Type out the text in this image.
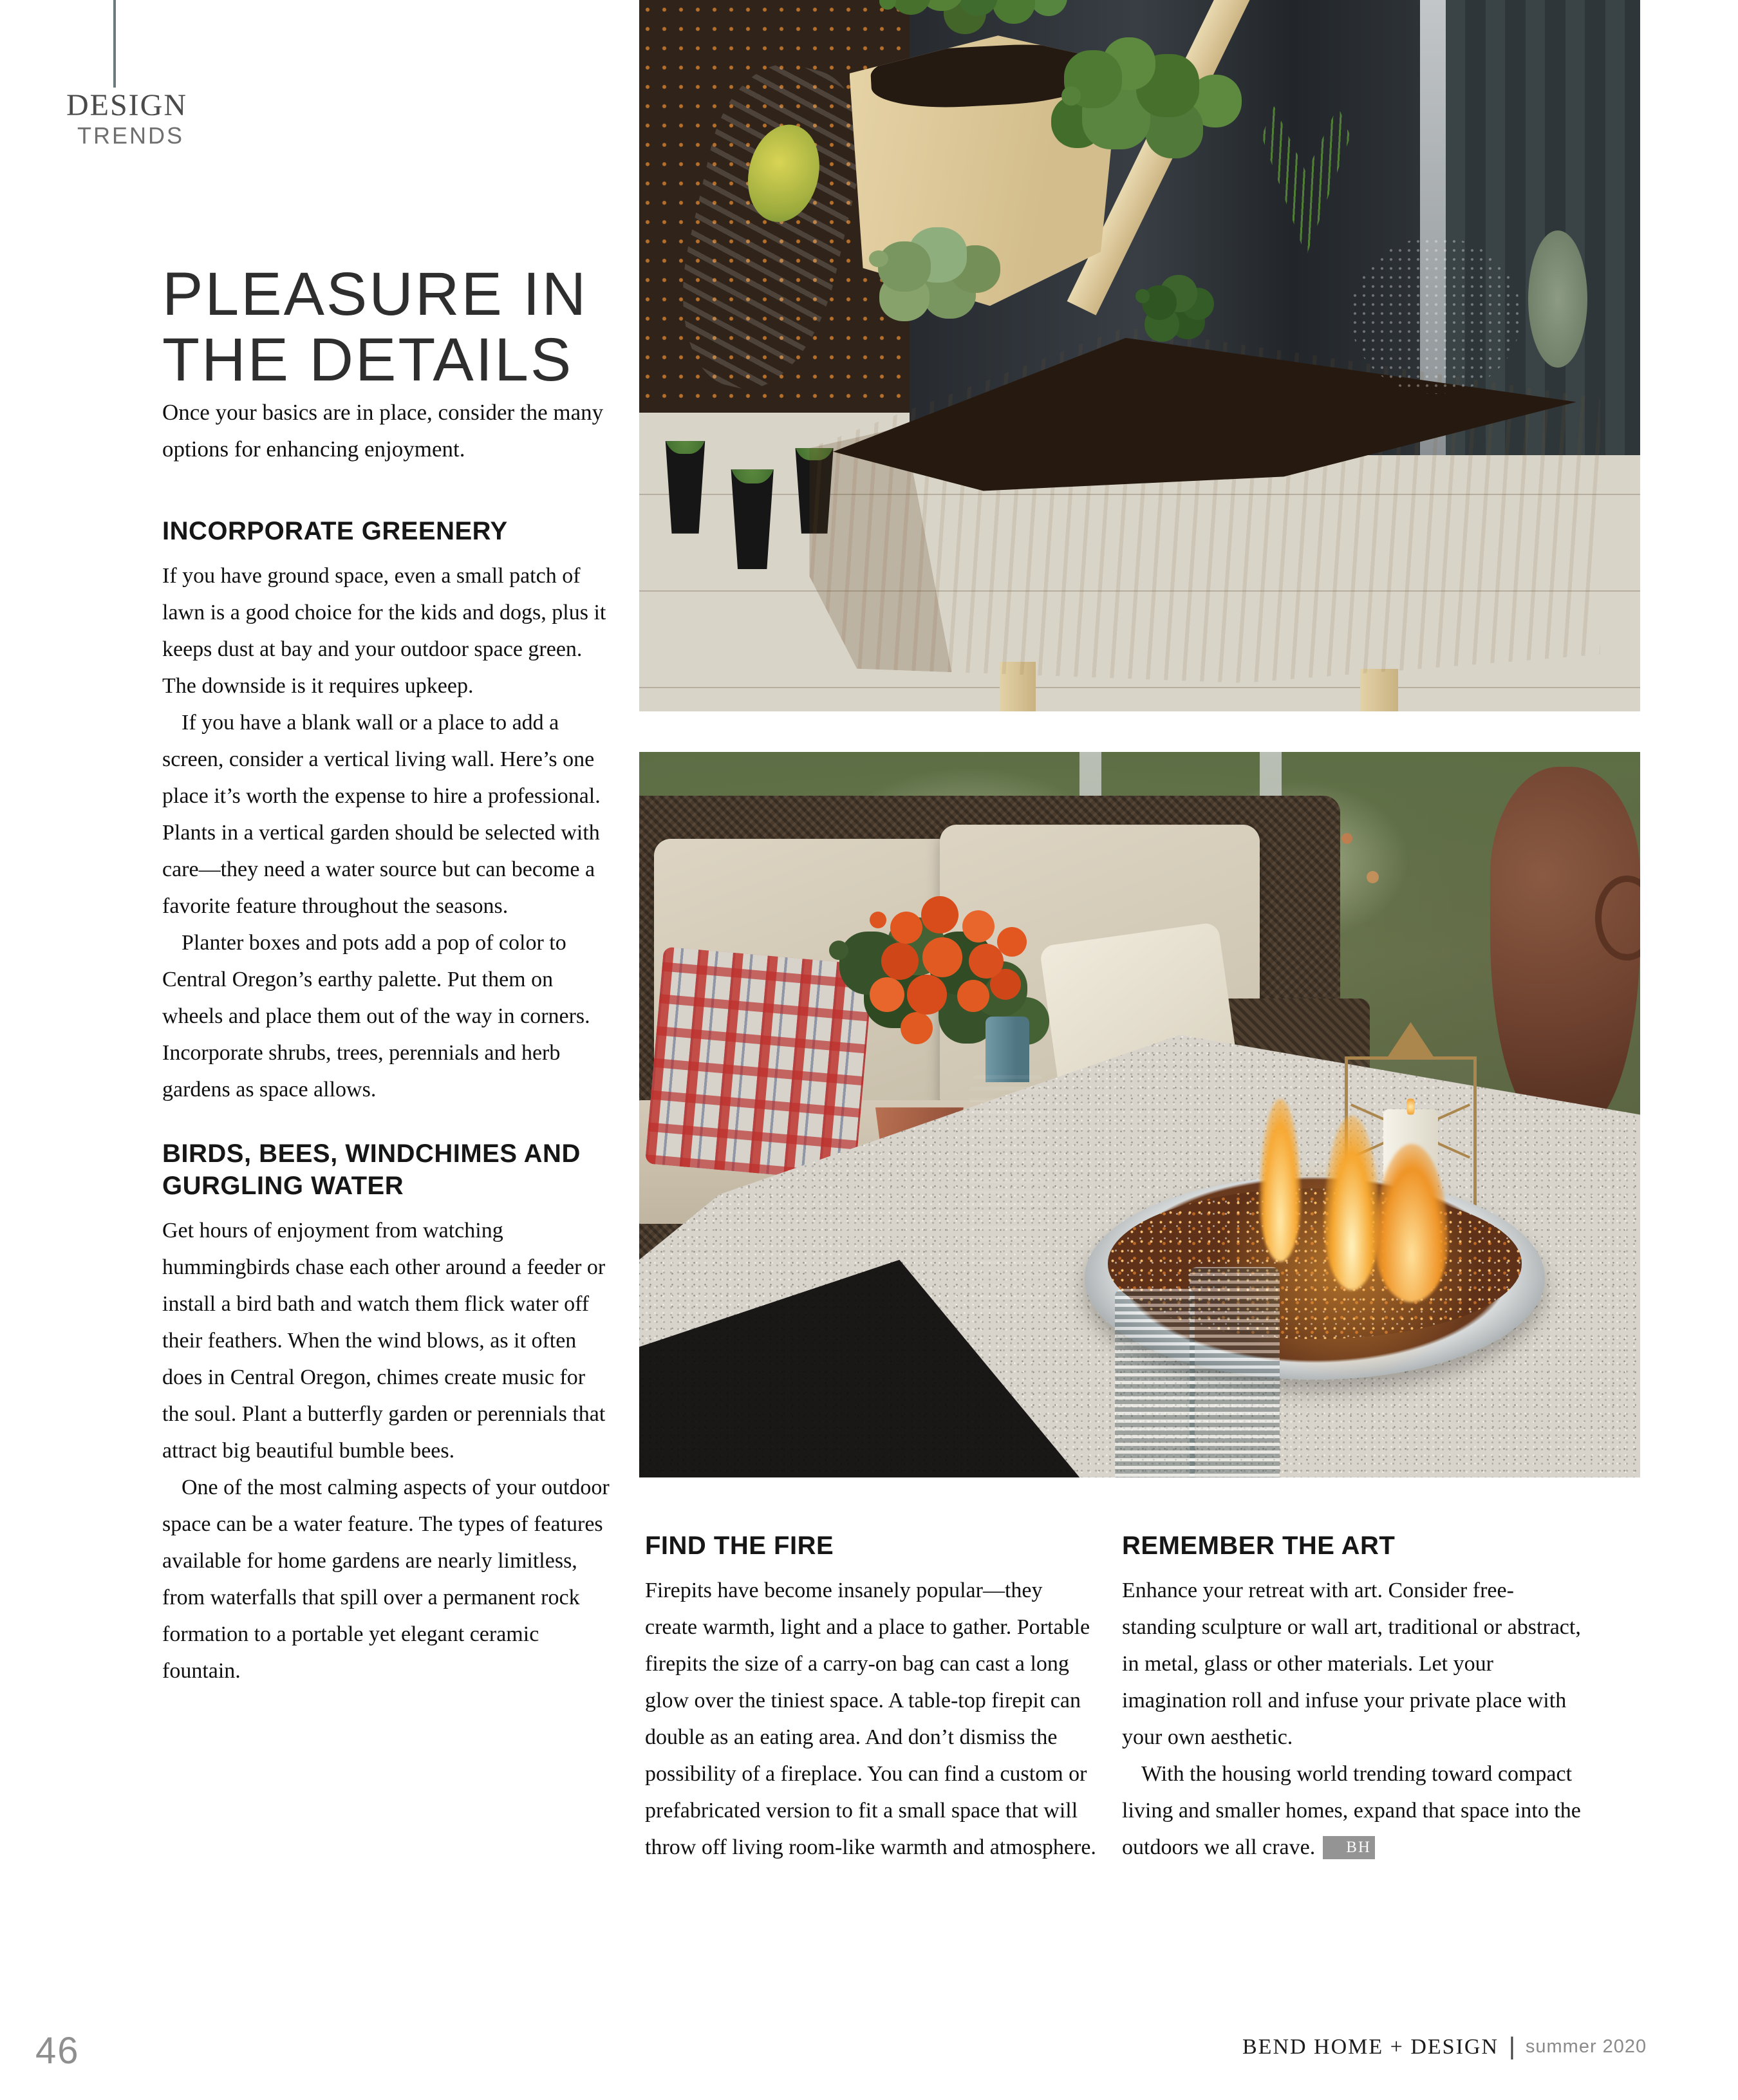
DESIGN
TRENDS
PLEASURE IN
THE DETAILS
Once your basics are in place, consider the many options for enhancing enjoyment.
INCORPORATE GREENERY

If you have ground space, even a small patch of lawn is a good choice for the kids and dogs, plus it keeps dust at bay and your outdoor space green. The downside is it requires upkeep.

If you have a blank wall or a place to add a screen, consider a vertical living wall. Here’s one place it’s worth the expense to hire a professional. Plants in a vertical garden should be selected with care—they need a water source but can become a favorite feature throughout the seasons.

Planter boxes and pots add a pop of color to Central Oregon’s earthy palette. Put them on wheels and place them out of the way in corners. Incorporate shrubs, trees, perennials and herb gardens as space allows.

BIRDS, BEES, WINDCHIMES AND GURGLING WATER

Get hours of enjoyment from watching hummingbirds chase each other around a feeder or install a bird bath and watch them flick water off their feathers. When the wind blows, as it often does in Central Oregon, chimes create music for the soul. Plant a butterfly garden or perennials that attract big beautiful bumble bees.

One of the most calming aspects of your outdoor space can be a water feature. The types of features available for home gardens are nearly limitless, from waterfalls that spill over a permanent rock formation to a portable yet elegant ceramic fountain.

FIND THE FIRE

Firepits have become insanely popular—they create warmth, light and a place to gather. Portable firepits the size of a carry-on bag can cast a long glow over the tiniest space. A table-top firepit can double as an eating area. And don’t dismiss the possibility of a fireplace. You can find a custom or prefabricated version to fit a small space that will throw off living room-like warmth and atmosphere.

REMEMBER THE ART

Enhance your retreat with art. Consider free-standing sculpture or wall art, traditional or abstract, in metal, glass or other materials. Let your imagination roll and infuse your private place with your own aesthetic.

With the housing world trending toward compact living and smaller homes, expand that space into the outdoors we all crave. BH
46	BEND HOME + DESIGN | summer 2020
